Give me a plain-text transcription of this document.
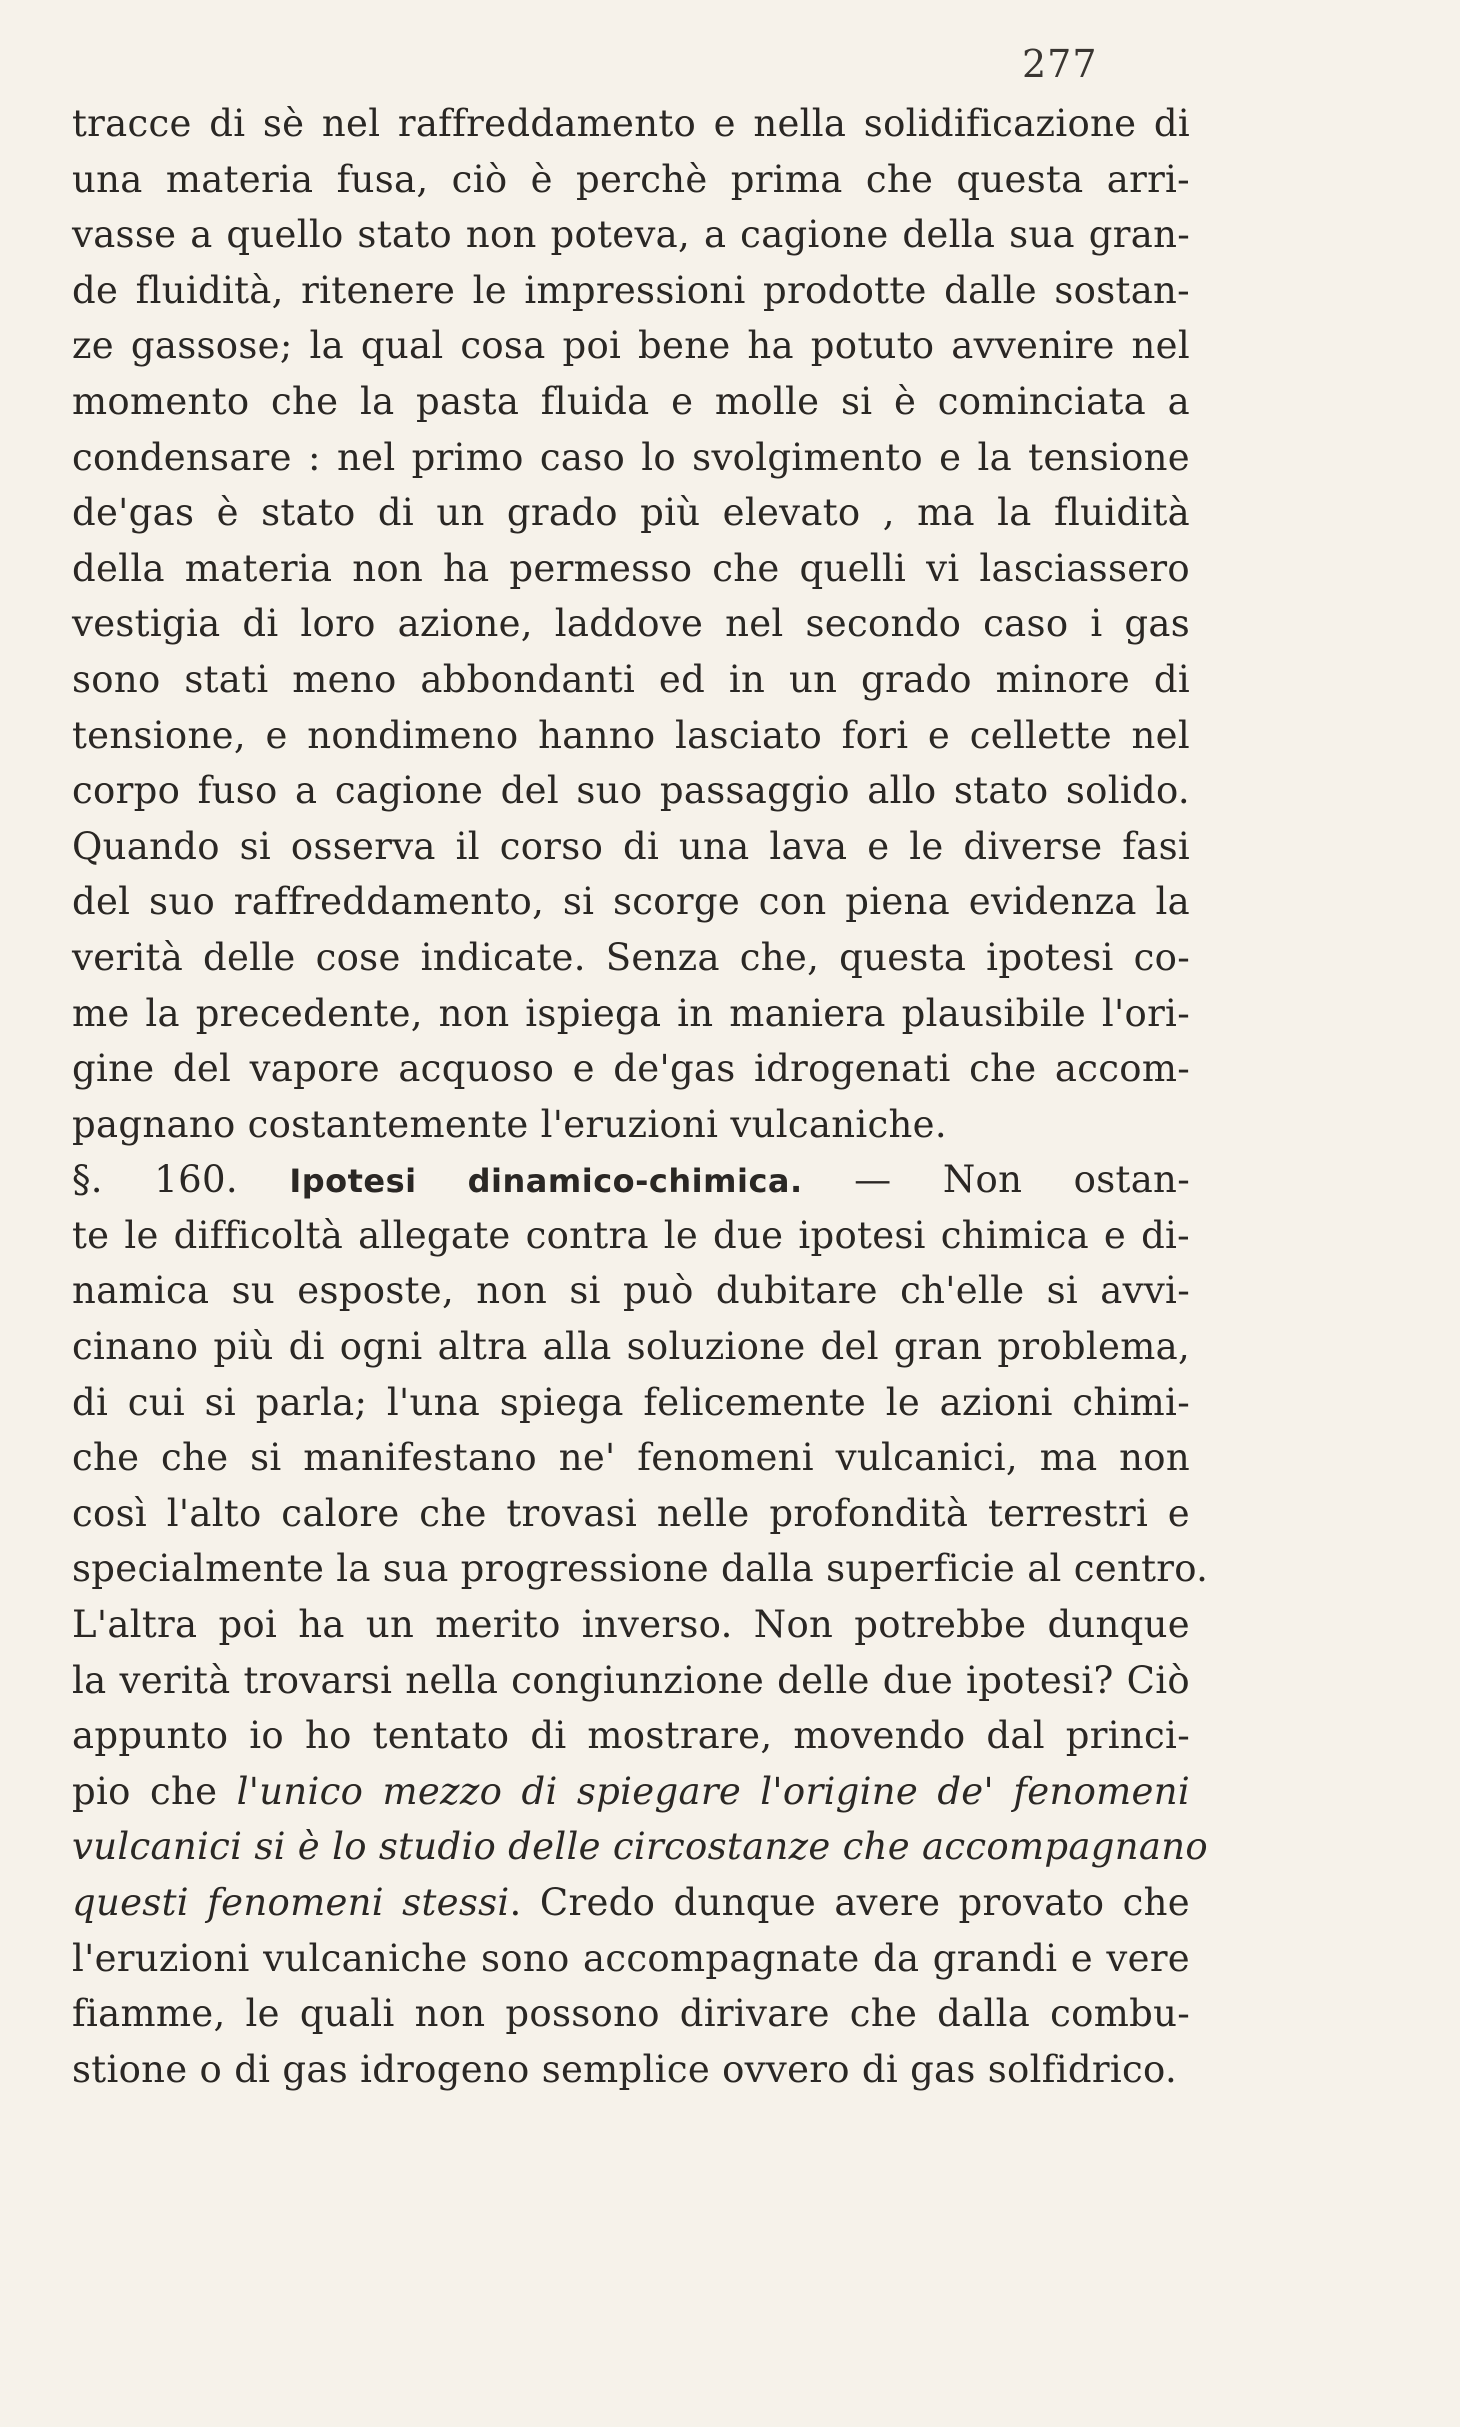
277
tracce di sè nel raffreddamento e nella solidificazione di
una materia fusa, ciò è perchè prima che questa arri-
vasse a quello stato non poteva, a cagione della sua gran-
de fluidità, ritenere le impressioni prodotte dalle sostan-
ze gassose; la qual cosa poi bene ha potuto avvenire nel
momento che la pasta fluida e molle si è cominciata a
condensare : nel primo caso lo svolgimento e la tensione
de'gas è stato di un grado più elevato , ma la fluidità
della materia non ha permesso che quelli vi lasciassero
vestigia di loro azione, laddove nel secondo caso i gas
sono stati meno abbondanti ed in un grado minore di
tensione, e nondimeno hanno lasciato fori e cellette nel
corpo fuso a cagione del suo passaggio allo stato solido.
Quando si osserva il corso di una lava e le diverse fasi
del suo raffreddamento, si scorge con piena evidenza la
verità delle cose indicate. Senza che, questa ipotesi co-
me la precedente, non ispiega in maniera plausibile l'ori-
gine del vapore acquoso e de'gas idrogenati che accom-
pagnano costantemente l'eruzioni vulcaniche.
§. 160. Ipotesi dinamico-chimica. — Non ostan-
te le difficoltà allegate contra le due ipotesi chimica e di-
namica su esposte, non si può dubitare ch'elle si avvi-
cinano più di ogni altra alla soluzione del gran problema,
di cui si parla; l'una spiega felicemente le azioni chimi-
che che si manifestano ne' fenomeni vulcanici, ma non
così l'alto calore che trovasi nelle profondità terrestri e
specialmente la sua progressione dalla superficie al centro.
L'altra poi ha un merito inverso. Non potrebbe dunque
la verità trovarsi nella congiunzione delle due ipotesi? Ciò
appunto io ho tentato di mostrare, movendo dal princi-
pio che l'unico mezzo di spiegare l'origine de' fenomeni
vulcanici si è lo studio delle circostanze che accompagnano
questi fenomeni stessi. Credo dunque avere provato che
l'eruzioni vulcaniche sono accompagnate da grandi e vere
fiamme, le quali non possono dirivare che dalla combu-
stione o di gas idrogeno semplice ovvero di gas solfidrico.
